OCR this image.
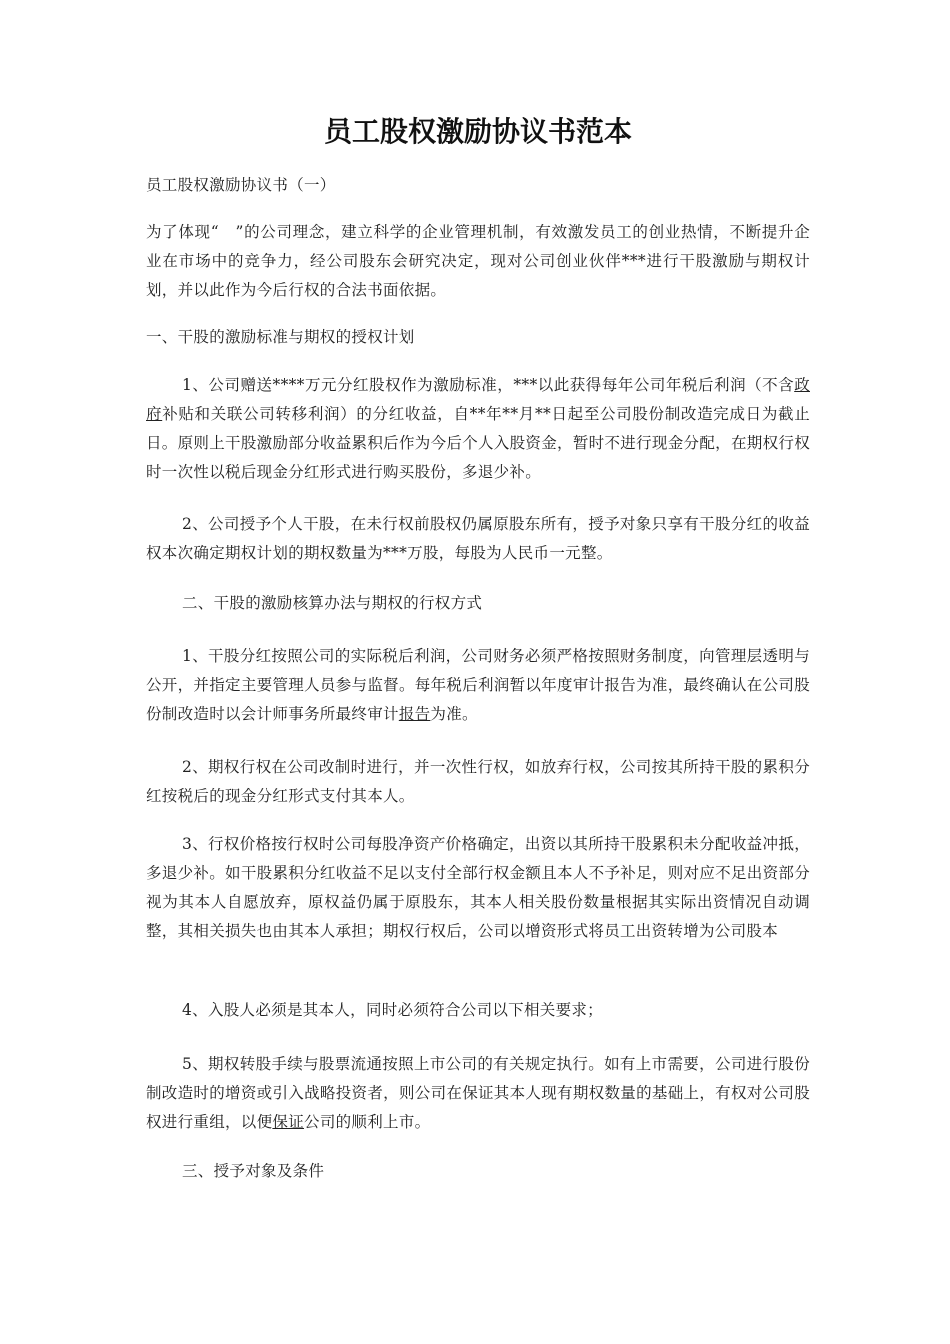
员工股权激励协议书范本

员工股权激励协议书（一）

为了体现“　”的公司理念，建立科学的企业管理机制，有效激发员工的创业热情，不断提升企业在市场中的竞争力，经公司股东会研究决定，现对公司创业伙伴***进行干股激励与期权计划，并以此作为今后行权的合法书面依据。

一、干股的激励标准与期权的授权计划

1、公司赠送****万元分红股权作为激励标准，***以此获得每年公司年税后利润（不含政府补贴和关联公司转移利润）的分红收益，自**年**月**日起至公司股份制改造完成日为截止日。原则上干股激励部分收益累积后作为今后个人入股资金，暂时不进行现金分配，在期权行权时一次性以税后现金分红形式进行购买股份，多退少补。

2、公司授予个人干股，在未行权前股权仍属原股东所有，授予对象只享有干股分红的收益权本次确定期权计划的期权数量为***万股，每股为人民币一元整。

二、干股的激励核算办法与期权的行权方式

1、干股分红按照公司的实际税后利润，公司财务必须严格按照财务制度，向管理层透明与公开，并指定主要管理人员参与监督。每年税后利润暂以年度审计报告为准，最终确认在公司股份制改造时以会计师事务所最终审计报告为准。

2、期权行权在公司改制时进行，并一次性行权，如放弃行权，公司按其所持干股的累积分红按税后的现金分红形式支付其本人。

3、行权价格按行权时公司每股净资产价格确定，出资以其所持干股累积未分配收益冲抵，多退少补。如干股累积分红收益不足以支付全部行权金额且本人不予补足，则对应不足出资部分视为其本人自愿放弃，原权益仍属于原股东，其本人相关股份数量根据其实际出资情况自动调整，其相关损失也由其本人承担；期权行权后，公司以增资形式将员工出资转增为公司股本

4、入股人必须是其本人，同时必须符合公司以下相关要求；

5、期权转股手续与股票流通按照上市公司的有关规定执行。如有上市需要，公司进行股份制改造时的增资或引入战略投资者，则公司在保证其本人现有期权数量的基础上，有权对公司股权进行重组，以便保证公司的顺利上市。

三、授予对象及条件
